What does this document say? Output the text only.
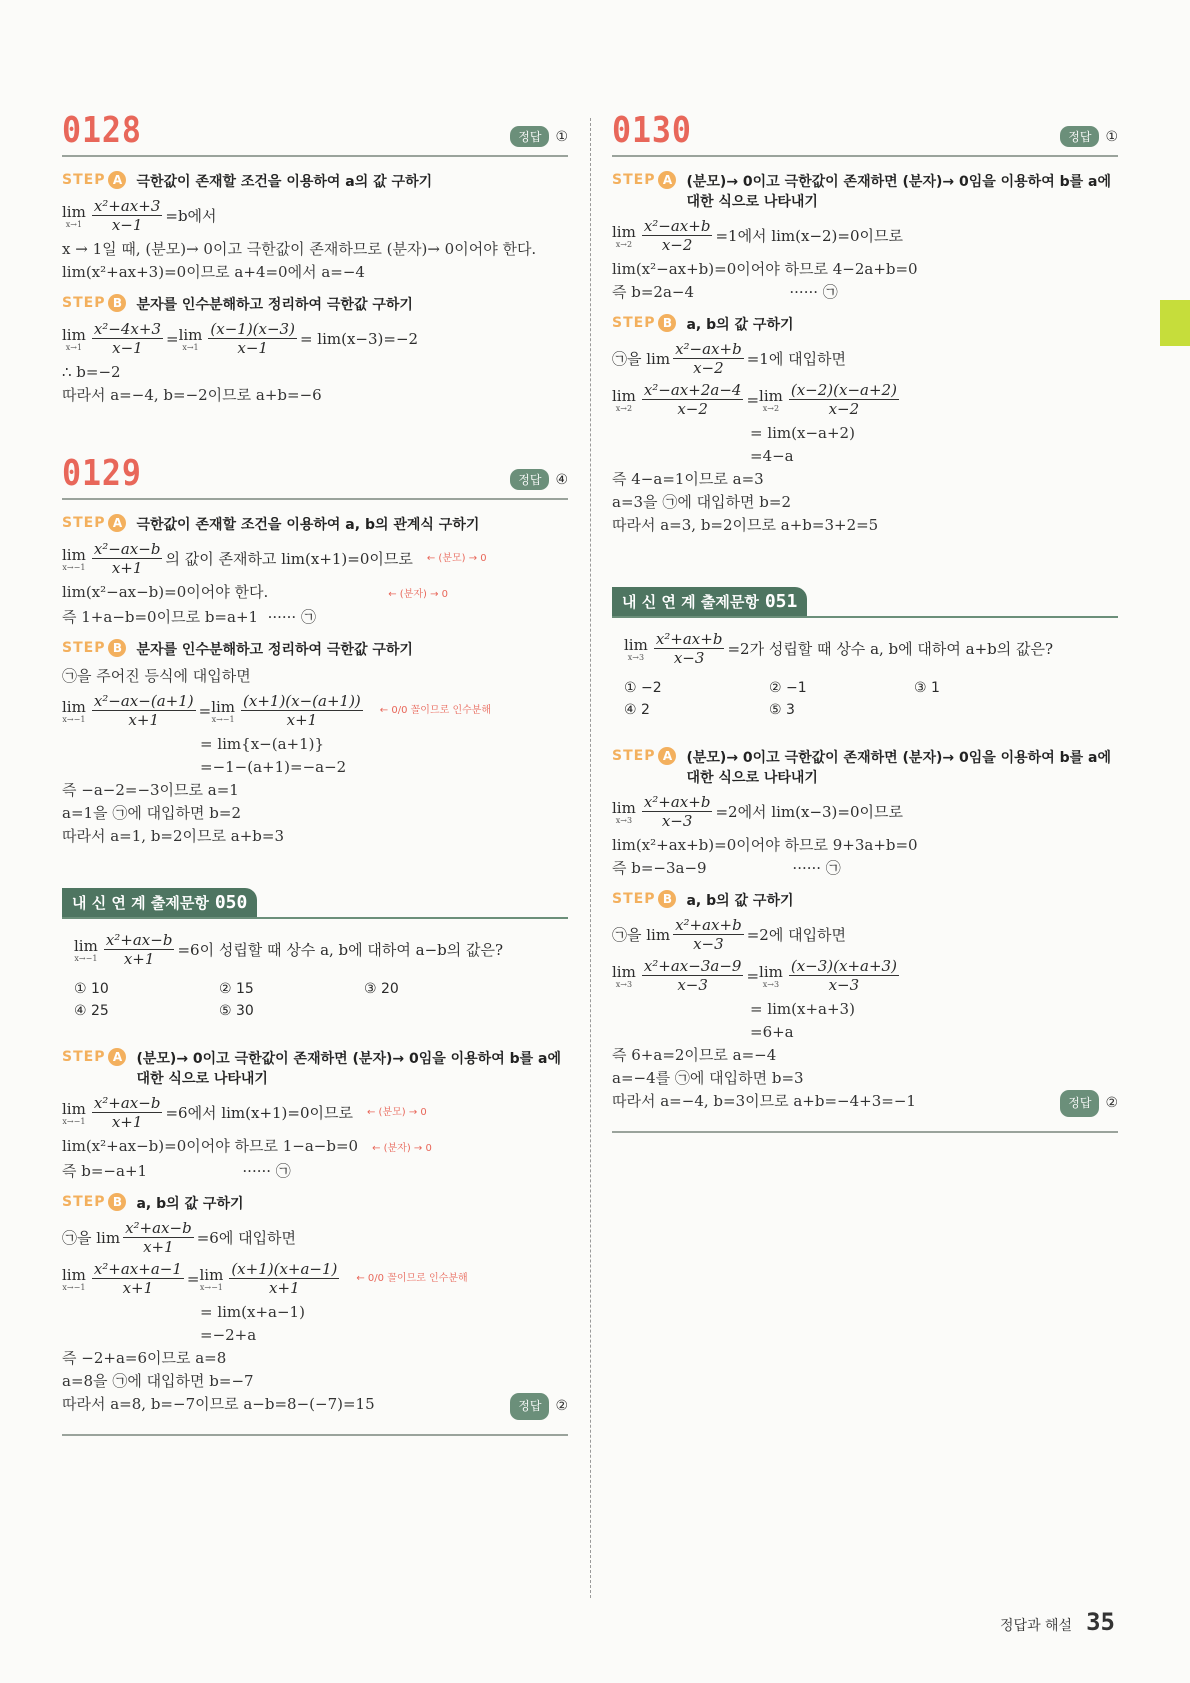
0128	정답	①
STEP A	극한값이 존재할 조건을 이용하여 a의 값 구하기
lim
$x\to 1 \frac{\text{x²+ax+3}}{x-1} =b$에서
x → 1일 때, (분모)→ 0이고 극한값이 존재하므로 (분자)→ 0이어야 한다.
lim(x²+ax+3)=0이므로 a+4=0에서 a=−4
STEP B	분자를 인수분해하고 정리하여 극한값 구하기
lim
$x\to 1 \frac{\text{x²−4x+3}}{x-1} = \lim$
$x\to 1 \frac{(x-1)(x-3)}{x-1} = \lim(x-3)=-2$
∴ b=−2
따라서 a=−4, b=−2이므로 a+b=−6
0129	정답	④
STEP A	극한값이 존재할 조건을 이용하여 a, b의 관계식 구하기
lim
$x\to-1 \frac{\text{x²−ax−b}}{x+1}$ 의 값이 존재하고 lim(x+1)=0이므로 ← (분모) → 0
lim(x²−ax−b)=0이어야 한다.	← (분자) → 0
즉 1+a−b=0이므로 b=a+1  ······ ㉠
STEP B	분자를 인수분해하고 정리하여 극한값 구하기
㉠을 주어진 등식에 대입하면
lim
$x\to-1 \frac{\text{x²−ax−(a+1)}}{x+1} = \lim$
$x\to-1 \frac{(x+1)(x-(a+1))}{x+1}$ ← 0/0 꼴이므로 인수분해
= lim{x−(a+1)}
=−1−(a+1)=−a−2
즉 −a−2=−3이므로 a=1
a=1을 ㉠에 대입하면 b=2
따라서 a=1, b=2이므로 a+b=3
내 신 연 계 출제문항 050
lim
$x\to-1 \frac{\text{x²+ax−b}}{x+1} =6$이 성립할 때 상수 a, b에 대하여 a−b의 값은?
① 10	② 15	③ 20
④ 25	⑤ 30
STEP A	(분모)→ 0이고 극한값이 존재하면 (분자)→ 0임을 이용하여 b를 a에 대한 식으로 나타내기
lim
$x\to-1 \frac{\text{x²+ax−b}}{x+1} =6$에서 lim(x+1)=0이므로 ← (분모) → 0
lim(x²+ax−b)=0이어야 하므로 1−a−b=0 ← (분자) → 0
즉 b=−a+1                    ······ ㉠
STEP B	a, b의 값 구하기
㉠을 $\lim \frac{\text{x²+ax−b}}{x+1} =6$에 대입하면
lim
$x\to-1 \frac{\text{x²+ax+a−1}}{x+1} = \lim$
$x\to-1 \frac{(x+1)(x+a-1)}{x+1}$ ← 0/0 꼴이므로 인수분해
= lim(x+a−1)
=−2+a
즉 −2+a=6이므로 a=8
a=8을 ㉠에 대입하면 b=−7
따라서 a=8, b=−7이므로 a−b=8−(−7)=15	정답	②
0130	정답	①
STEP A	(분모)→ 0이고 극한값이 존재하면 (분자)→ 0임을 이용하여 b를 a에 대한 식으로 나타내기
lim
$x\to 2 \frac{\text{x²−ax+b}}{x-2} =1$에서 lim(x−2)=0이므로
lim(x²−ax+b)=0이어야 하므로 4−2a+b=0
즉 b=2a−4                    ······ ㉠
STEP B	a, b의 값 구하기
㉠을 $\lim \frac{\text{x²−ax+b}}{x-2} =1$에 대입하면
lim
$x\to 2 \frac{\text{x²−ax+2a−4}}{x-2} = \lim$
$x\to 2 \frac{(x-2)(x-a+2)}{x-2}$
= lim(x−a+2)
=4−a
즉 4−a=1이므로 a=3
a=3을 ㉠에 대입하면 b=2
따라서 a=3, b=2이므로 a+b=3+2=5
내 신 연 계 출제문항 051
lim
$x\to 3 \frac{\text{x²+ax+b}}{x-3} =2$가 성립할 때 상수 a, b에 대하여 a+b의 값은?
① −2	② −1	③ 1
④ 2	⑤ 3
STEP A	(분모)→ 0이고 극한값이 존재하면 (분자)→ 0임을 이용하여 b를 a에 대한 식으로 나타내기
lim
$x\to 3 \frac{\text{x²+ax+b}}{x-3} =2$에서 lim(x−3)=0이므로
lim(x²+ax+b)=0이어야 하므로 9+3a+b=0
즉 b=−3a−9                  ······ ㉠
STEP B	a, b의 값 구하기
㉠을 $\lim \frac{\text{x²+ax+b}}{x-3} =2$에 대입하면
lim
$x\to 3 \frac{\text{x²+ax−3a−9}}{x-3} = \lim$
$x\to 3 \frac{(x-3)(x+a+3)}{x-3}$
= lim(x+a+3)
=6+a
즉 6+a=2이므로 a=−4
a=−4를 ㉠에 대입하면 b=3
따라서 a=−4, b=3이므로 a+b=−4+3=−1	정답	②
정답과 해설 35
